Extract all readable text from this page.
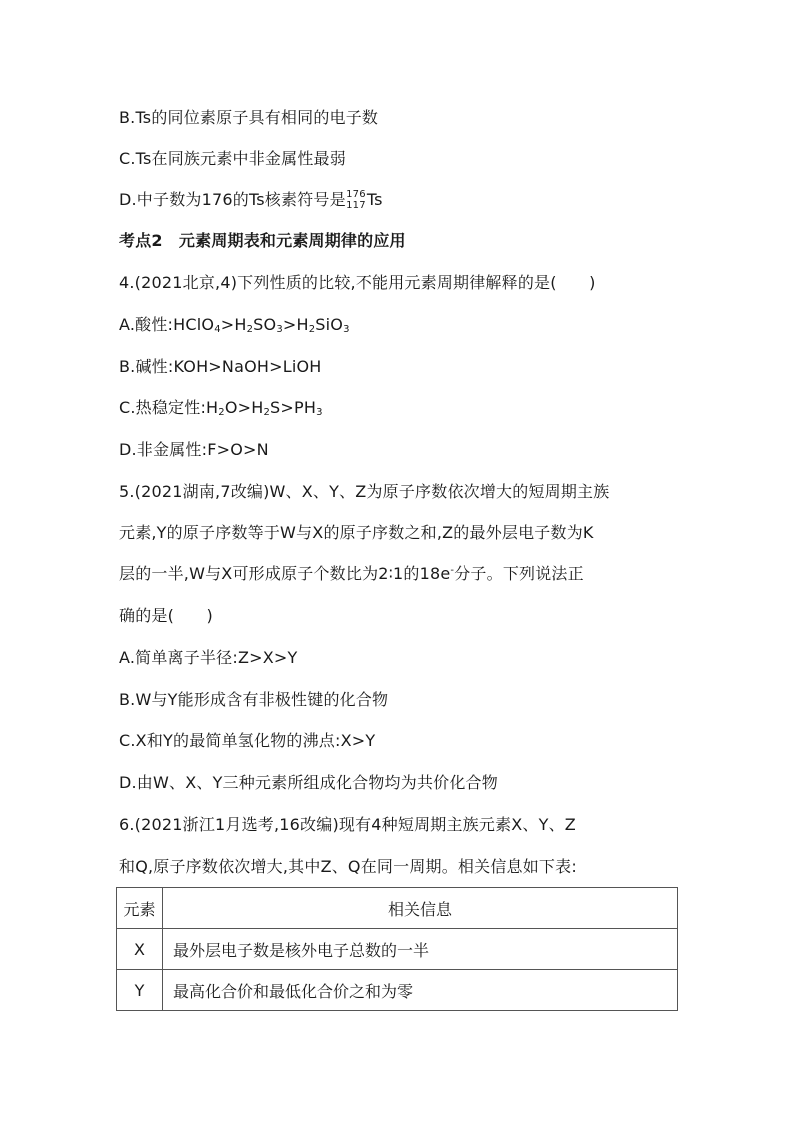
B.Ts的同位素原子具有相同的电子数
C.Ts在同族元素中非金属性最弱
D.中子数为176的Ts核素符号是 176
117 Ts
考点2　元素周期表和元素周期律的应用
4.(2021北京,4)下列性质的比较,不能用元素周期律解释的是(　　)
A.酸性$:HClO_4>H_2SO_3>H_2SiO_3$
B.碱性:KOH>NaOH>LiOH
C.热稳定性$:H_2O>H_2S>PH_3$
D.非金属性:F>O>N
5.(2021湖南,7改编)W、X、Y、Z为原子序数依次增大的短周期主族
元素,Y的原子序数等于W与X的原子序数之和,Z的最外层电子数为K
层的一半,W与X可形成原子个数比为2∶1的18e-分子。下列说法正
确的是(　　)
A.简单离子半径:Z>X>Y
B.W与Y能形成含有非极性键的化合物
C.X和Y的最简单氢化物的沸点:X>Y
D.由W、X、Y三种元素所组成化合物均为共价化合物
6.(2021浙江1月选考,16改编)现有4种短周期主族元素X、Y、Z
和Q,原子序数依次增大,其中Z、Q在同一周期。相关信息如下表:
元素	相关信息
X	最外层电子数是核外电子总数的一半
Y	最高化合价和最低化合价之和为零
